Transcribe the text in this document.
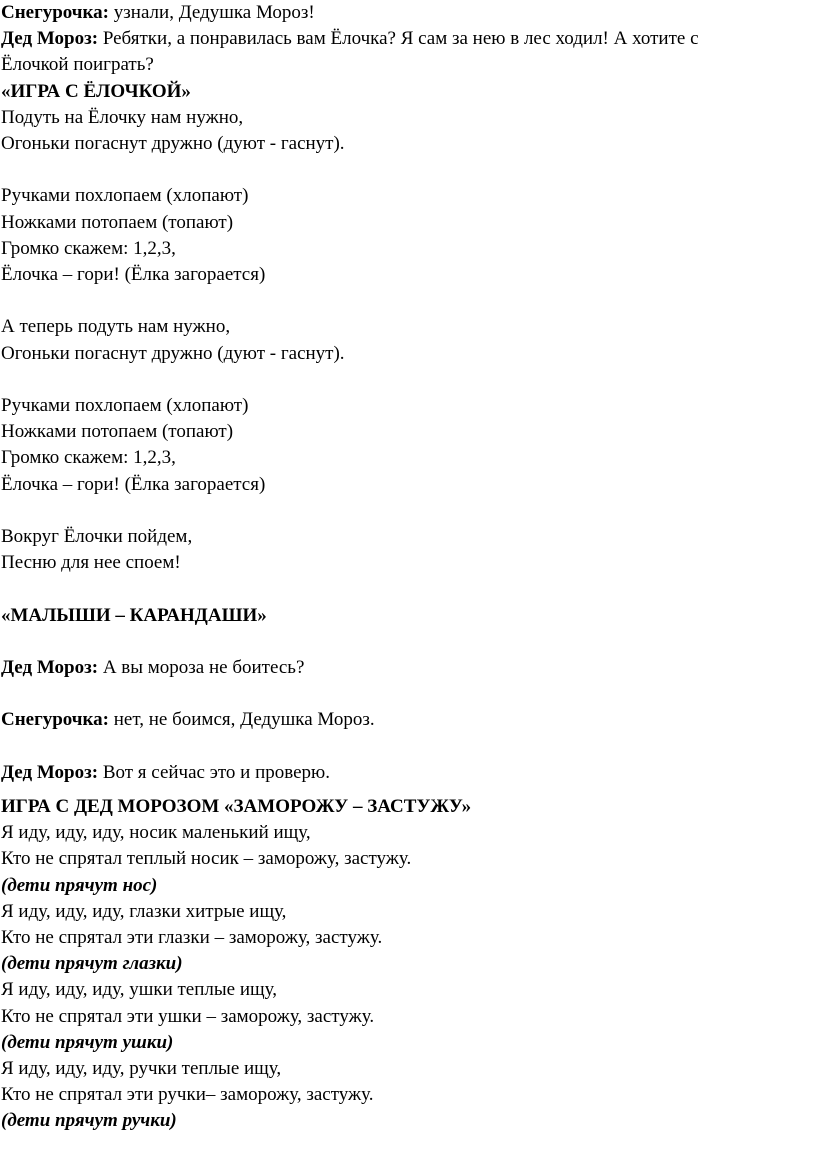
Снегурочка: узнали, Дедушка Мороз!

Дед Мороз: Ребятки, а понравилась вам Ёлочка? Я сам за нею в лес ходил! А хотите с

Ёлочкой поиграть?

«ИГРА С ЁЛОЧКОЙ»

Подуть на Ёлочку нам нужно,

Огоньки погаснут дружно (дуют - гаснут).

Ручками похлопаем (хлопают)

Ножками потопаем (топают)

Громко скажем: 1,2,3,

Ёлочка – гори! (Ёлка загорается)

А теперь подуть нам нужно,

Огоньки погаснут дружно (дуют - гаснут).

Ручками похлопаем (хлопают)

Ножками потопаем (топают)

Громко скажем: 1,2,3,

Ёлочка – гори! (Ёлка загорается)

Вокруг Ёлочки пойдем,

Песню для нее споем!

«МАЛЫШИ – КАРАНДАШИ»

Дед Мороз: А вы мороза не боитесь?

Снегурочка: нет, не боимся, Дедушка Мороз.

Дед Мороз: Вот я сейчас это и проверю.

ИГРА С ДЕД МОРОЗОМ «ЗАМОРОЖУ – ЗАСТУЖУ»

Я иду, иду, иду, носик маленький ищу,

Кто не спрятал теплый носик – заморожу, застужу.

(дети прячут нос)

Я иду, иду, иду, глазки хитрые ищу,

Кто не спрятал эти глазки – заморожу, застужу.

(дети прячут глазки)

Я иду, иду, иду, ушки теплые ищу,

Кто не спрятал эти ушки – заморожу, застужу.

(дети прячут ушки)

Я иду, иду, иду, ручки теплые ищу,

Кто не спрятал эти ручки– заморожу, застужу.

(дети прячут ручки)
